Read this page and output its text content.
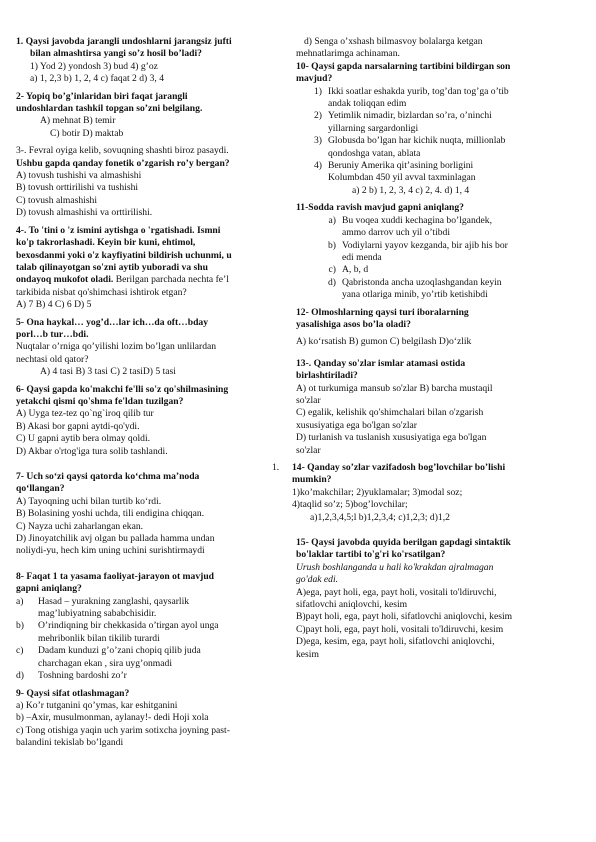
1. Qaysi javobda jarangli undoshlarni jarangsiz jufti
bilan almashtirsa yangi so’z hosil bo’ladi?
1) Yod 2) yondosh 3) bud 4) g’oz
a) 1, 2,3 b) 1, 2, 4 c) faqat 2 d) 3, 4
2- Yopiq bo’g’inlaridan biri faqat jarangli
undoshlardan tashkil topgan so’zni belgilang.
A) mehnat B) temir
C) botir D) maktab
3-. Fevral oyiga kelib, sovuqning shashti biroz pasaydi.
Ushbu gapda qanday fonetik o’zgarish ro’y bergan?
A) tovush tushishi va almashishi
B) tovush orttirilishi va tushishi
C) tovush almashishi
D) tovush almashishi va orttirilishi.
4-. To 'tini o 'z ismini aytishga o 'rgatishadi. Ismni
ko'p takrorlashadi. Keyin bir kuni, ehtimol,
bexosdanmi yoki o'z kayfiyatini bildirish uchunmi, u
talab qilinayotgan so'zni aytib yuboradi va shu
ondayoq mukofot oladi. Berilgan parchada nechta fe’l
tarkibida nisbat qo'shimchasi ishtirok etgan?
A) 7 B) 4 C) 6 D) 5
5- Ona haykal… yog’d…lar ich…da oft…bday
porl…b tur…bdi.
Nuqtalar o’rniga qo’yilishi lozim bo’lgan unlilardan
nechtasi old qator?
A) 4 tasi B) 3 tasi C) 2 tasiD) 5 tasi
6- Qaysi gapda ko'makchi fe'lli so'z qo'shilmasining
yetakchi qismi qo'shma fe'ldan tuzilgan?
A) Uyga tez-tez qo`ng`iroq qilib tur
B) Akasi bor gapni aytdi-qo'ydi.
C) U gapni aytib bera olmay qoldi.
D) Akbar o'rtog'iga tura solib tashlandi.
7- Uch so‘zi qaysi qatorda ko‘chma ma’noda
qo‘llangan?
A) Tayoqning uchi bilan turtib ko‘rdi.
B) Bolasining yoshi uchda, tili endigina chiqqan.
C) Nayza uchi zaharlangan ekan.
D) Jinoyatchilik avj olgan bu pallada hamma undan
noliydi-yu, hech kim uning uchini surishtirmaydi
8- Faqat 1 ta yasama faoliyat-jarayon ot mavjud
gapni aniqlang?
a)	Hasad – yurakning zanglashi, qaysarlik
mag’lubiyatning sababchisidir.
b)	O’rindiqning bir chekkasida o’tirgan ayol unga
mehribonlik bilan tikilib turardi
c)	Dadam kunduzi g’o’zani chopiq qilib juda
charchagan ekan , sira uyg’onmadi
d)	Toshning bardoshi zo’r
9- Qaysi sifat otlashmagan?
a) Ko’r tutganini qo’ymas, kar eshitganini
b) –Axir, musulmonman, aylanay!- dedi Hoji xola
c) Tong otishiga yaqin uch yarim sotixcha joyning past-
balandini tekislab bo’lgandi
d) Senga o’xshash bilmasvoy bolalarga ketgan
mehnatlarimga achinaman.
10- Qaysi gapda narsalarning tartibini bildirgan son
mavjud?
1) Ikki soatlar eshakda yurib, tog’dan tog’ga o’tib
andak toliqqan edim
2) Yetimlik nimadir, bizlardan so’ra, o’ninchi
yillarning sargardonligi
3) Globusda bo’lgan har kichik nuqta, millionlab
qondoshga vatan, ablata
4) Beruniy Amerika qit’asining borligini
Kolumbdan 450 yil avval taxminlagan
a) 2 b) 1, 2, 3, 4 c) 2, 4. d) 1, 4
11-Sodda ravish mavjud gapni aniqlang?
a) Bu voqea xuddi kechagina bo’lgandek,
ammo darrov uch yil o’tibdi
b) Vodiylarni yayov kezganda, bir ajib his bor
edi menda
c) A, b, d
d) Qabristonda ancha uzoqlashgandan keyin
yana otlariga minib, yo’rtib ketishibdi
12- Olmoshlarning qaysi turi iboralarning
yasalishiga asos bo’la oladi?
A) ko‘rsatish B) gumon C) belgilash D)o‘zlik
13-. Qanday so'zlar ismlar atamasi ostida
birlashtiriladi?
A) ot turkumiga mansub so'zlar B) barcha mustaqil
so'zlar
C) egalik, kelishik qo'shimchalari bilan o'zgarish
xususiyatiga ega bo'lgan so'zlar
D) turlanish va tuslanish xususiyatiga ega bo'lgan
so'zlar
1.	14- Qanday so’zlar vazifadosh bog’lovchilar bo’lishi
mumkin?
1)ko’makchilar; 2)yuklamalar; 3)modal soz;
4)taqlid so’z; 5)bog’lovchilar;
a)1,2,3,4,5;l b)1,2,3,4; c)1,2,3; d)1,2
15- Qaysi javobda quyida berilgan gapdagi sintaktik
bo'laklar tartibi to'g'ri ko'rsatilgan?
Urush boshlanganda u hali ko'krakdan ajralmagan
go'dak edi.
A)ega, payt holi, ega, payt holi, vositali to'ldiruvchi,
sifatlovchi aniqlovchi, kesim
B)payt holi, ega, payt holi, sifatlovchi aniqlovchi, kesim
C)payt holi, ega, payt holi, vositali to'ldiruvchi, kesim
D)ega, kesim, ega, payt holi, sifatlovchi aniqlovchi,
kesim
